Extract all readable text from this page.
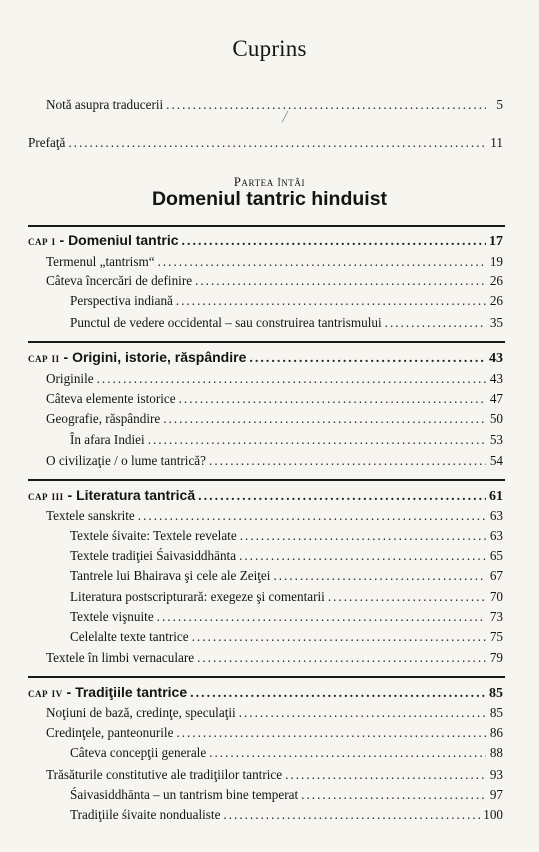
Cuprins
Notă asupra traducerii .....	5
╱
Prefaţă .....	11
Partea întâi
Domeniul tantric hinduist
cap i - Domeniul tantric .....	17
Termenul „tantrism“ .....	19
Câteva încercări de definire .....	26
Perspectiva indiană .....	26
Punctul de vedere occidental – sau construirea tantrismului .....	35
cap ii - Origini, istorie, răspândire .....	43
Originile .....	43
Câteva elemente istorice .....	47
Geografie, răspândire .....	50
În afara Indiei .....	53
O civilizaţie / o lume tantrică? .....	54
cap iii - Literatura tantrică .....	61
Textele sanskrite .....	63
Textele śivaite: Textele revelate .....	63
Textele tradiţiei Śaivasiddhānta .....	65
Tantrele lui Bhairava şi cele ale Zeiţei .....	67
Literatura postscripturară: exegeze şi comentarii .....	70
Textele vişnuite .....	73
Celelalte texte tantrice .....	75
Textele în limbi vernaculare .....	79
cap iv - Tradiţiile tantrice .....	85
Noţiuni de bază, credinţe, speculaţii .....	85
Credinţele, panteonurile .....	86
Câteva concepţii generale .....	88
Trăsăturile constitutive ale tradiţiilor tantrice .....	93
Śaivasiddhānta – un tantrism bine temperat .....	97
Tradiţiile śivaite nondualiste .....	100
